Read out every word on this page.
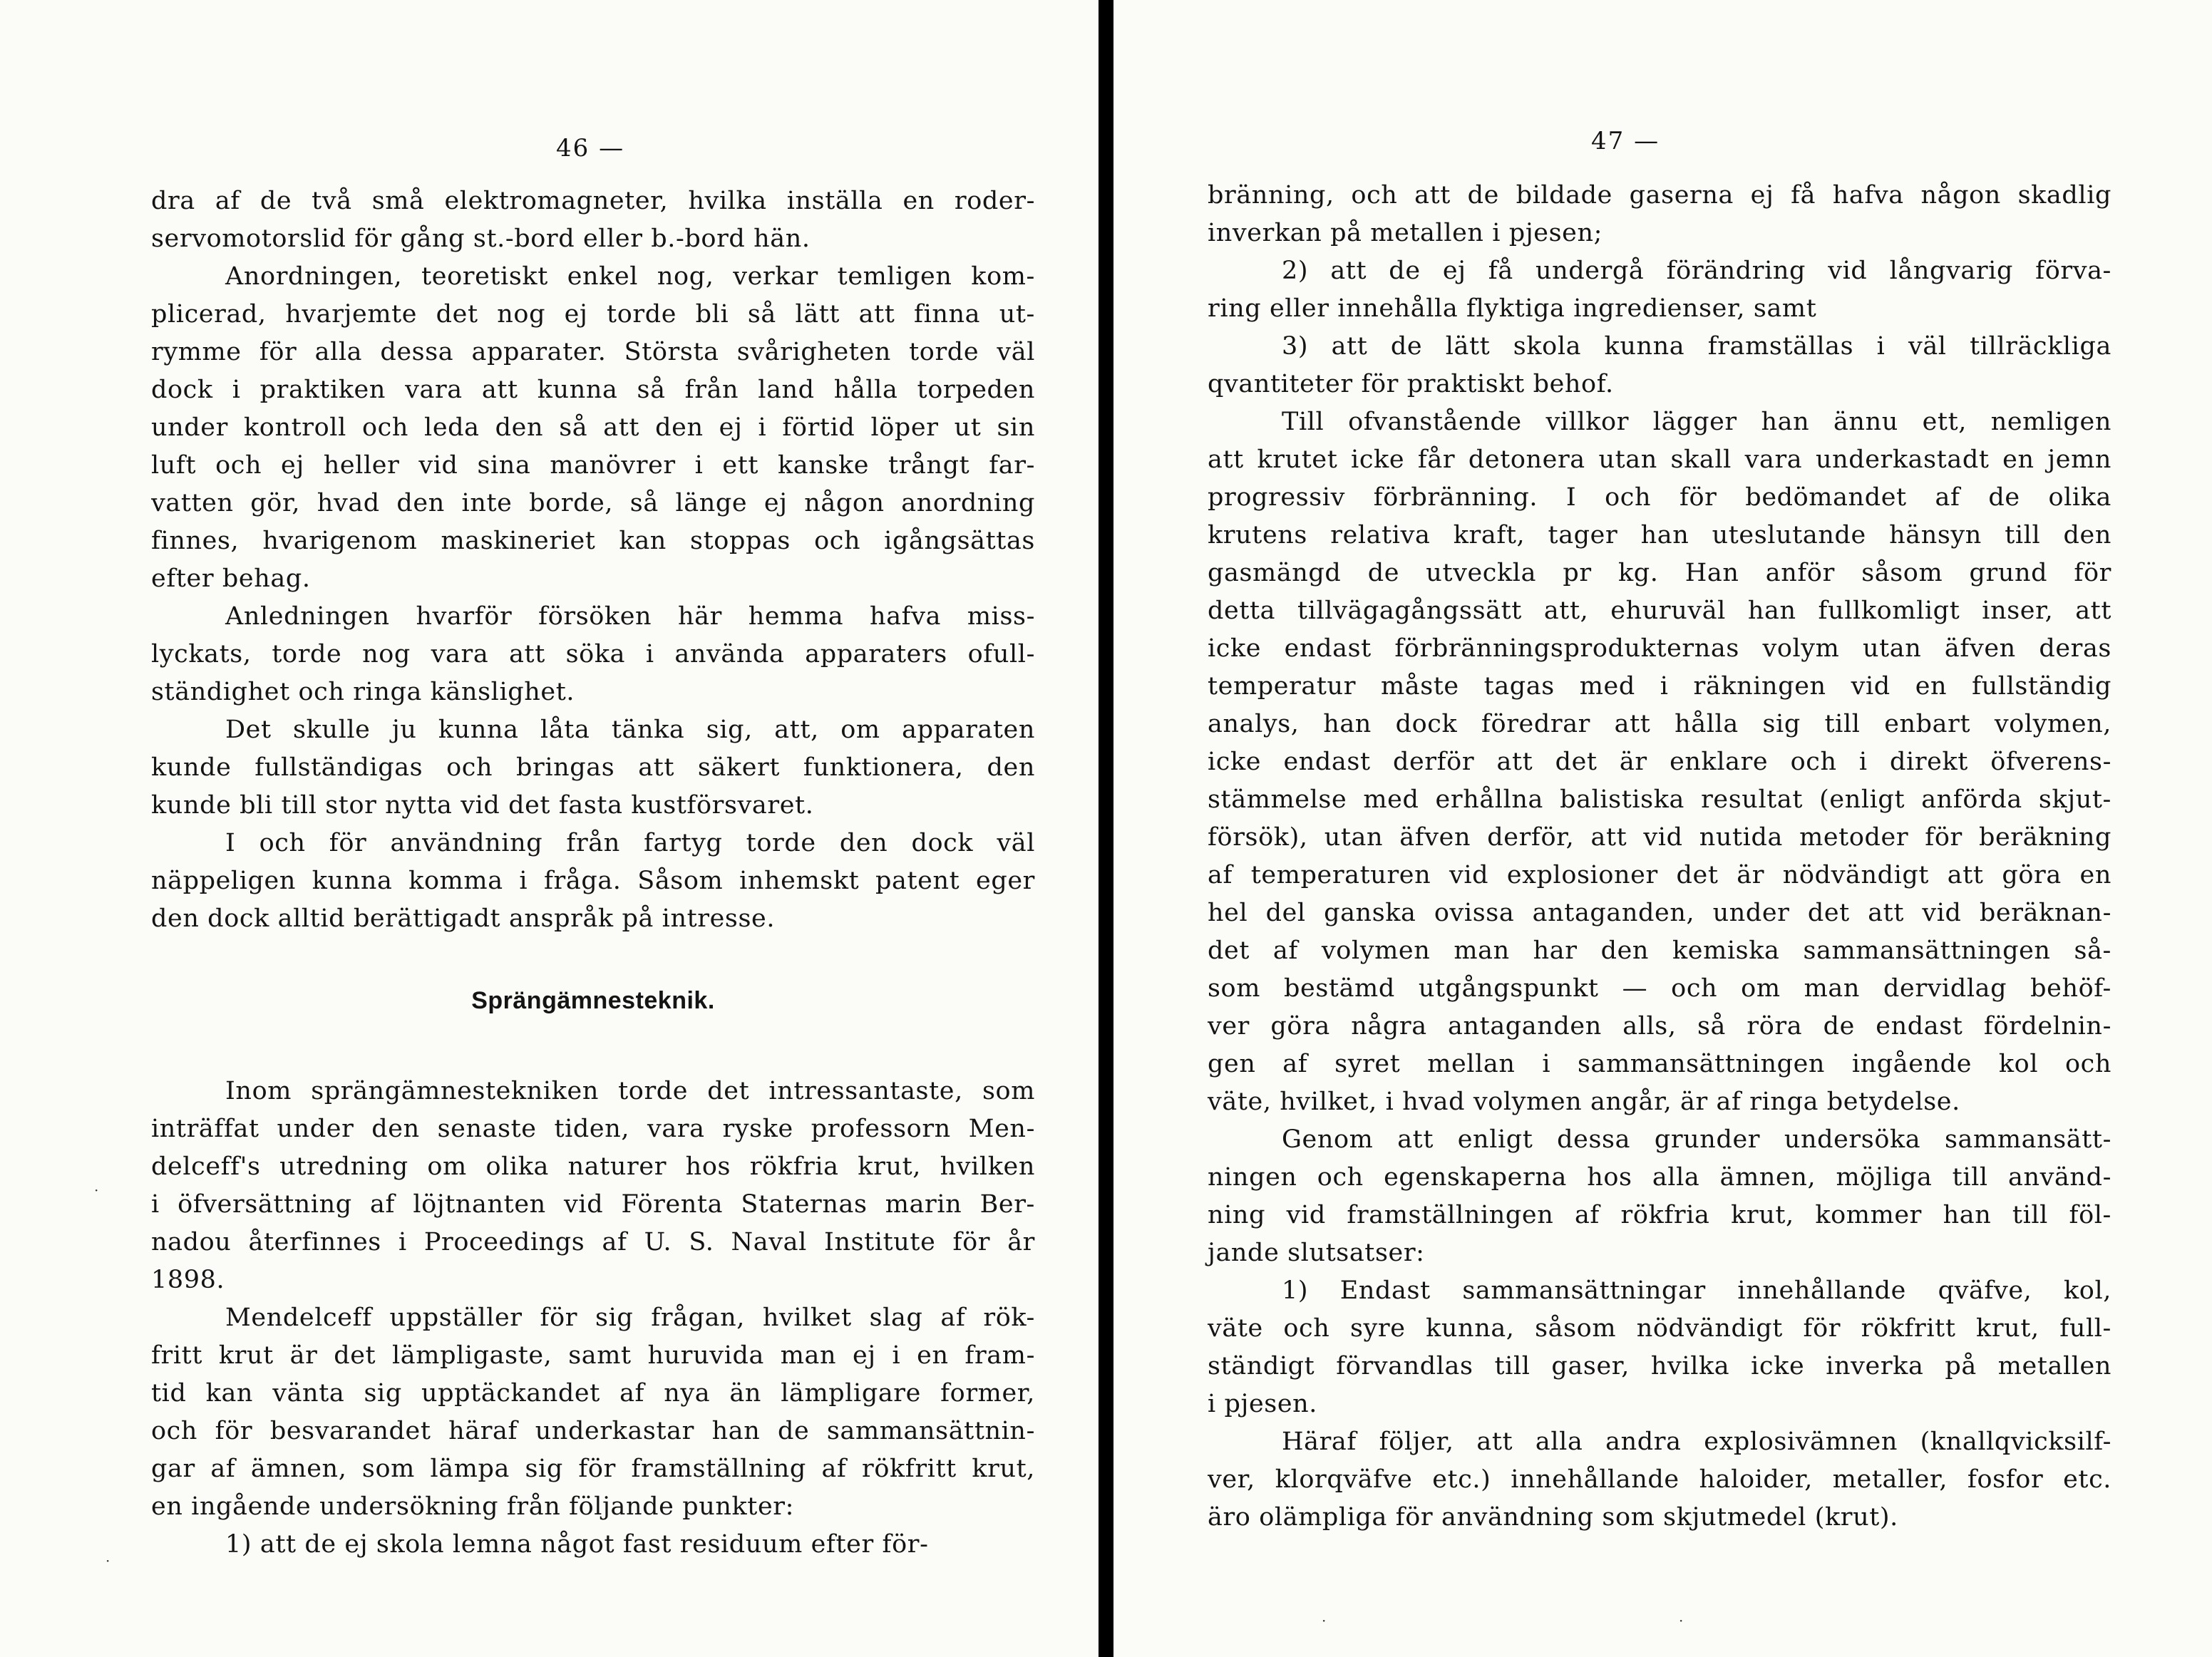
46 —
dra af de två små elektromagneter, hvilka inställa en roder-
servomotorslid för gång st.-bord eller b.-bord hän.
Anordningen, teoretiskt enkel nog, verkar temligen kom-
plicerad, hvarjemte det nog ej torde bli så lätt att finna ut-
rymme för alla dessa apparater. Största svårigheten torde väl
dock i praktiken vara att kunna så från land hålla torpeden
under kontroll och leda den så att den ej i förtid löper ut sin
luft och ej heller vid sina manövrer i ett kanske trångt far-
vatten gör, hvad den inte borde, så länge ej någon anordning
finnes, hvarigenom maskineriet kan stoppas och igångsättas
efter behag.
Anledningen hvarför försöken här hemma hafva miss-
lyckats, torde nog vara att söka i använda apparaters ofull-
ständighet och ringa känslighet.
Det skulle ju kunna låta tänka sig, att, om apparaten
kunde fullständigas och bringas att säkert funktionera, den
kunde bli till stor nytta vid det fasta kustförsvaret.
I och för användning från fartyg torde den dock väl
näppeligen kunna komma i fråga. Såsom inhemskt patent eger
den dock alltid berättigadt anspråk på intresse.
Sprängämnesteknik.
Inom sprängämnestekniken torde det intressantaste, som
inträffat under den senaste tiden, vara ryske professorn Men-
delceff's utredning om olika naturer hos rökfria krut, hvilken
i öfversättning af löjtnanten vid Förenta Staternas marin Ber-
nadou återfinnes i Proceedings af U. S. Naval Institute för år
1898.
Mendelceff uppställer för sig frågan, hvilket slag af rök-
fritt krut är det lämpligaste, samt huruvida man ej i en fram-
tid kan vänta sig upptäckandet af nya än lämpligare former,
och för besvarandet häraf underkastar han de sammansättnin-
gar af ämnen, som lämpa sig för framställning af rökfritt krut,
en ingående undersökning från följande punkter:
1) att de ej skola lemna något fast residuum efter för-
·
·
47 —
bränning, och att de bildade gaserna ej få hafva någon skadlig
inverkan på metallen i pjesen;
2) att de ej få undergå förändring vid långvarig förva-
ring eller innehålla flyktiga ingredienser, samt
3) att de lätt skola kunna framställas i väl tillräckliga
qvantiteter för praktiskt behof.
Till ofvanstående villkor lägger han ännu ett, nemligen
att krutet icke får detonera utan skall vara underkastadt en jemn
progressiv förbränning. I och för bedömandet af de olika
krutens relativa kraft, tager han uteslutande hänsyn till den
gasmängd de utveckla pr kg. Han anför såsom grund för
detta tillvägagångssätt att, ehuruväl han fullkomligt inser, att
icke endast förbränningsprodukternas volym utan äfven deras
temperatur måste tagas med i räkningen vid en fullständig
analys, han dock föredrar att hålla sig till enbart volymen,
icke endast derför att det är enklare och i direkt öfverens-
stämmelse med erhållna balistiska resultat (enligt anförda skjut-
försök), utan äfven derför, att vid nutida metoder för beräkning
af temperaturen vid explosioner det är nödvändigt att göra en
hel del ganska ovissa antaganden, under det att vid beräknan-
det af volymen man har den kemiska sammansättningen så-
som bestämd utgångspunkt — och om man dervidlag behöf-
ver göra några antaganden alls, så röra de endast fördelnin-
gen af syret mellan i sammansättningen ingående kol och
väte, hvilket, i hvad volymen angår, är af ringa betydelse.
Genom att enligt dessa grunder undersöka sammansätt-
ningen och egenskaperna hos alla ämnen, möjliga till använd-
ning vid framställningen af rökfria krut, kommer han till föl-
jande slutsatser:
1) Endast sammansättningar innehållande qväfve, kol,
väte och syre kunna, såsom nödvändigt för rökfritt krut, full-
ständigt förvandlas till gaser, hvilka icke inverka på metallen
i pjesen.
Häraf följer, att alla andra explosivämnen (knallqvicksilf-
ver, klorqväfve etc.) innehållande haloider, metaller, fosfor etc.
äro olämpliga för användning som skjutmedel (krut).
·	·
